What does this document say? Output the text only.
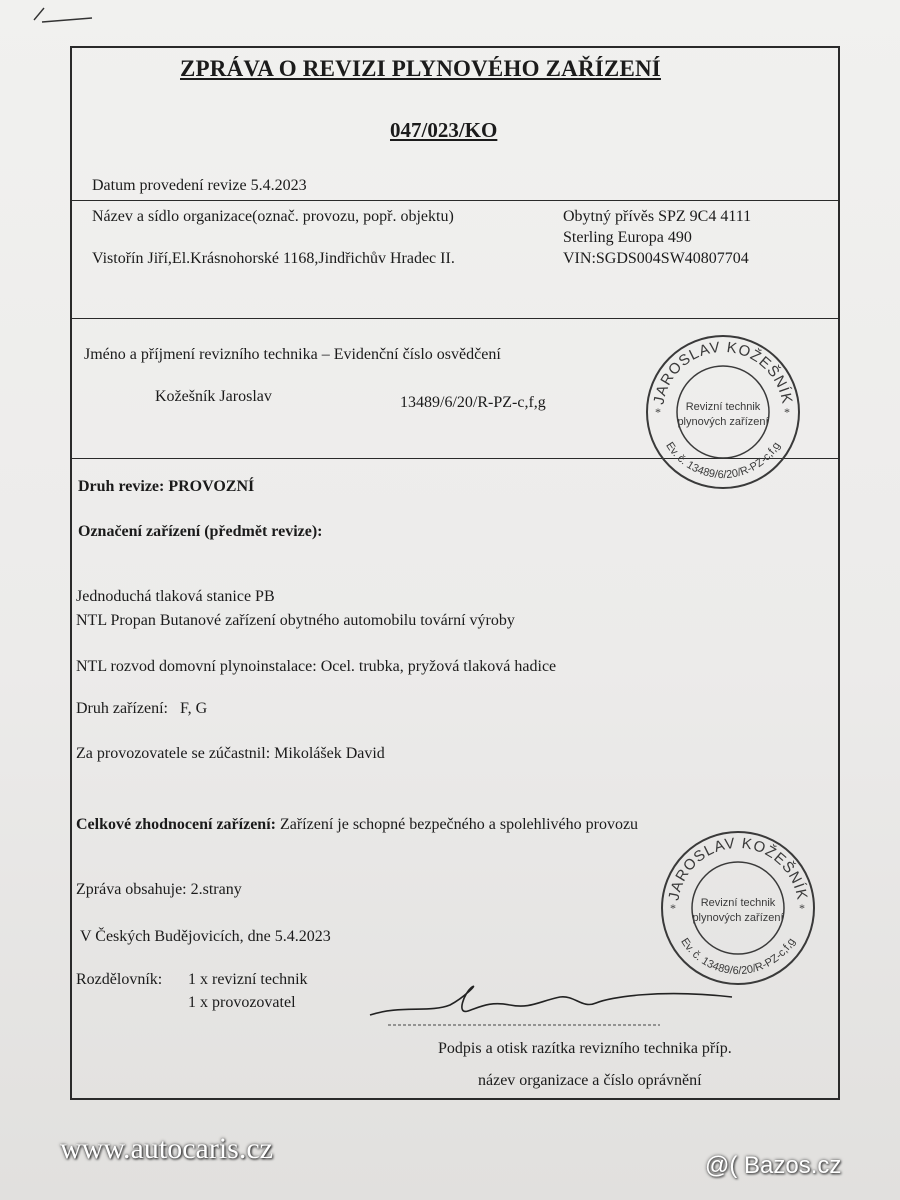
ZPRÁVA O REVIZI PLYNOVÉHO ZAŘÍZENÍ
047/023/KO
Datum provedení revize 5.4.2023
Název a sídlo organizace(označ. provozu, popř. objektu)
Vistořín Jiří,El.Krásnohorské 1168,Jindřichův Hradec II.
Obytný přívěs SPZ 9C4 4111
Sterling Europa 490
VIN:SGDS004SW40807704
Jméno a příjmení revizního technika – Evidenční číslo osvědčení
Kožešník Jaroslav	13489/6/20/R-PZ-c,f,g	JAROSLAV KOŽEŠNÍK
Ev. č. 13489/6/20/R-PZ-c,f,g
Revizní technik
plynových zařízení
*	*
Druh revize: PROVOZNÍ
Označení zařízení (předmět revize):
Jednoduchá tlaková stanice PB
NTL Propan Butanové zařízení obytného automobilu tovární výroby
NTL rozvod domovní plynoinstalace: Ocel. trubka, pryžová tlaková hadice
Druh zařízení: F, G
Za provozovatele se zúčastnil: Mikolášek David
Celkové zhodnocení zařízení: Zařízení je schopné bezpečného a spolehlivého provozu
Zpráva obsahuje: 2.strany
V Českých Budějovicích, dne 5.4.2023
Rozdělovník: 1 x revizní technik
1 x provozovatel
JAROSLAV KOŽEŠNÍK
Ev. č. 13489/6/20/R-PZ-c,f,g
Revizní technik
plynových zařízení
*	*
Podpis a otisk razítka revizního technika příp.
název organizace a číslo oprávnění
www.autocaris.cz
@( Bazos.cz
